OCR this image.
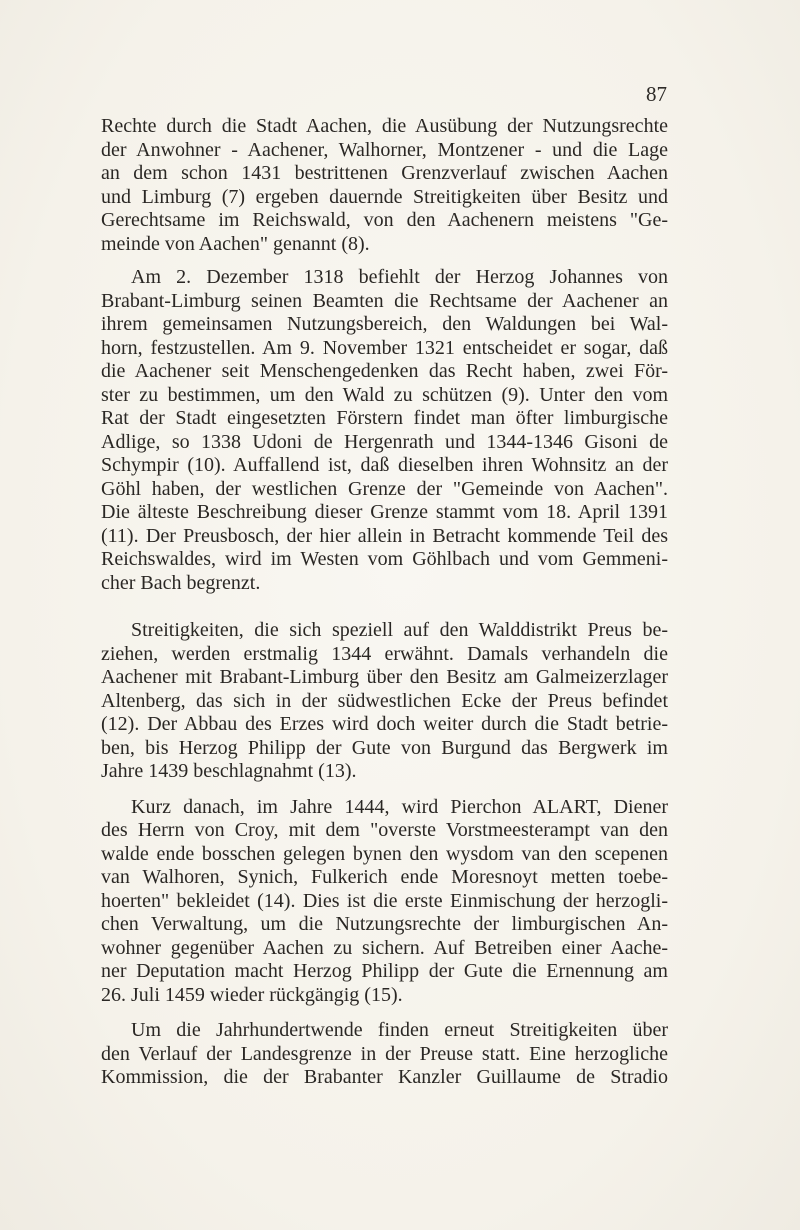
87
Rechte durch die Stadt Aachen, die Ausübung der Nutzungsrechte
der Anwohner - Aachener, Walhorner, Montzener - und die Lage
an dem schon 1431 bestrittenen Grenzverlauf zwischen Aachen
und Limburg (7) ergeben dauernde Streitigkeiten über Besitz und
Gerechtsame im Reichswald, von den Aachenern meistens "Ge-
meinde von Aachen" genannt (8).
Am 2. Dezember 1318 befiehlt der Herzog Johannes von
Brabant-Limburg seinen Beamten die Rechtsame der Aachener an
ihrem gemeinsamen Nutzungsbereich, den Waldungen bei Wal-
horn, festzustellen. Am 9. November 1321 entscheidet er sogar, daß
die Aachener seit Menschengedenken das Recht haben, zwei För-
ster zu bestimmen, um den Wald zu schützen (9). Unter den vom
Rat der Stadt eingesetzten Förstern findet man öfter limburgische
Adlige, so 1338 Udoni de Hergenrath und 1344-1346 Gisoni de
Schympir (10). Auffallend ist, daß dieselben ihren Wohnsitz an der
Göhl haben, der westlichen Grenze der "Gemeinde von Aachen".
Die älteste Beschreibung dieser Grenze stammt vom 18. April 1391
(11). Der Preusbosch, der hier allein in Betracht kommende Teil des
Reichswaldes, wird im Westen vom Göhlbach und vom Gemmeni-
cher Bach begrenzt.
Streitigkeiten, die sich speziell auf den Walddistrikt Preus be-
ziehen, werden erstmalig 1344 erwähnt. Damals verhandeln die
Aachener mit Brabant-Limburg über den Besitz am Galmeizerzlager
Altenberg, das sich in der südwestlichen Ecke der Preus befindet
(12). Der Abbau des Erzes wird doch weiter durch die Stadt betrie-
ben, bis Herzog Philipp der Gute von Burgund das Bergwerk im
Jahre 1439 beschlagnahmt (13).
Kurz danach, im Jahre 1444, wird Pierchon ALART, Diener
des Herrn von Croy, mit dem "overste Vorstmeesterampt van den
walde ende bosschen gelegen bynen den wysdom van den scepenen
van Walhoren, Synich, Fulkerich ende Moresnoyt metten toebe-
hoerten" bekleidet (14). Dies ist die erste Einmischung der herzogli-
chen Verwaltung, um die Nutzungsrechte der limburgischen An-
wohner gegenüber Aachen zu sichern. Auf Betreiben einer Aache-
ner Deputation macht Herzog Philipp der Gute die Ernennung am
26. Juli 1459 wieder rückgängig (15).
Um die Jahrhundertwende finden erneut Streitigkeiten über
den Verlauf der Landesgrenze in der Preuse statt. Eine herzogliche
Kommission, die der Brabanter Kanzler Guillaume de Stradio
